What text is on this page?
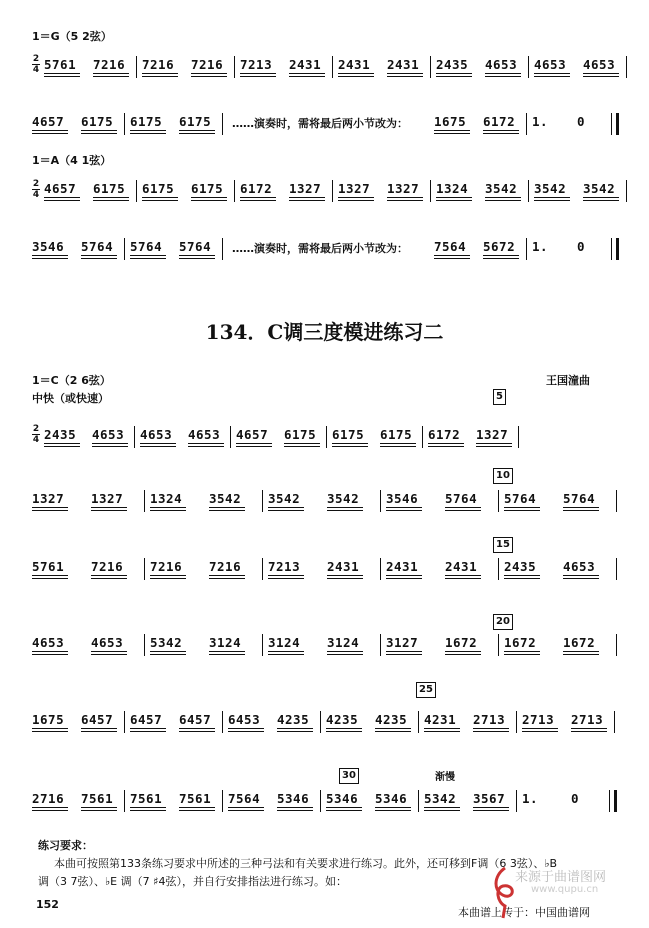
1＝G（5 2弦）
2
4 5761 7216 7216 7216 7213 2431 2431 2431 2435 4653 4653 4653
4657 6175 6175 6175 ……演奏时，需将最后两小节改为： 1675 6172 1. 0
1＝A（4 1弦）
2
4 4657 6175 6175 6175 6172 1327 1327 1327 1324 3542 3542 3542
3546 5764 5764 5764 ……演奏时，需将最后两小节改为： 7564 5672 1. 0
134．C调三度模进练习二
1＝C（2 6弦）	王国潼曲
中快（或快速）
2
4 2435 4653 4653 4653 4657 6175 6175 6175 6172 1327
1327 1327 1324 3542 3542 3542 3546 5764 5764 5764
5761 7216 7216 7216 7213 2431 2431 2431 2435 4653
4653 4653 5342 3124 3124 3124 3127 1672 1672 1672
1675 6457 6457 6457 6453 4235 4235 4235 4231 2713 2713 2713
2716 7561 7561 7561 7564 5346 5346 5346 5342 3567 1.	0
5
10
15
20
25
30	渐慢
练习要求：
本曲可按照第133条练习要求中所述的三种弓法和有关要求进行练习。此外，还可移到F调（6 3弦）、♭B
调（3 7弦）、♭E 调（7 ♯4弦），并自行安排指法进行练习。如：
152
本曲谱上传于：中国曲谱网
来源于曲谱图网
www.qupu.cn
